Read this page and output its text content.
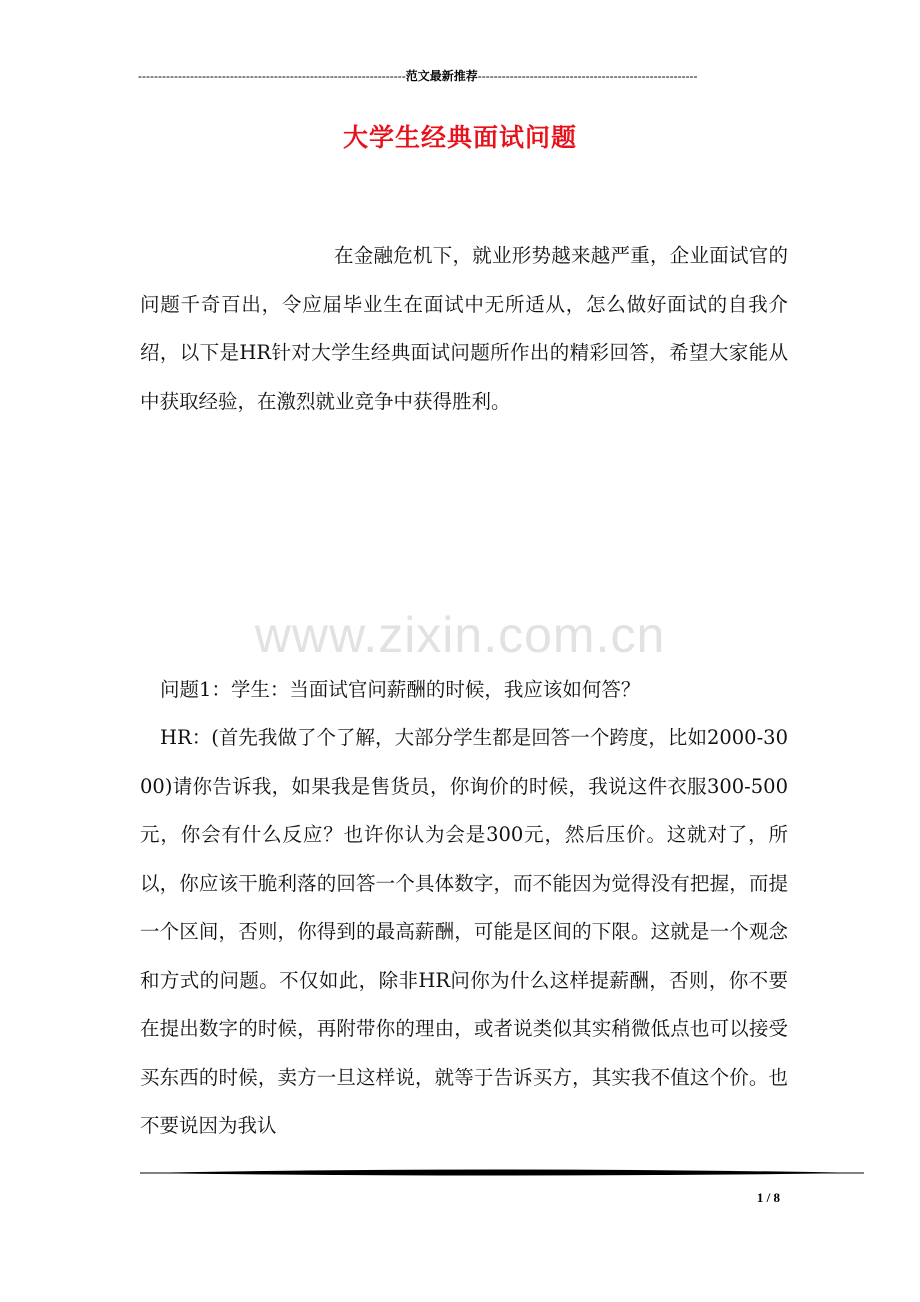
-------------------------------------------------------------------范文最新推荐-------------------------------------------------------
大学生经典面试问题
在金融危机下，就业形势越来越严重，企业面试官的问题千奇百出，令应届毕业生在面试中无所适从，怎么做好面试的自我介绍，以下是HR针对大学生经典面试问题所作出的精彩回答，希望大家能从中获取经验，在激烈就业竞争中获得胜利。
www.zixin.com.cn
问题1：学生：当面试官问薪酬的时候，我应该如何答？
HR：(首先我做了个了解，大部分学生都是回答一个跨度，比如2000-3000)请你告诉我，如果我是售货员，你询价的时候，我说这件衣服300-500元，你会有什么反应？也许你认为会是300元，然后压价。这就对了，所以，你应该干脆利落的回答一个具体数字，而不能因为觉得没有把握，而提一个区间，否则，你得到的最高薪酬，可能是区间的下限。这就是一个观念和方式的问题。不仅如此，除非HR问你为什么这样提薪酬，否则，你不要在提出数字的时候，再附带你的理由，或者说类似其实稍微低点也可以接受买东西的时候，卖方一旦这样说，就等于告诉买方，其实我不值这个价。也不要说因为我认
1 / 8
